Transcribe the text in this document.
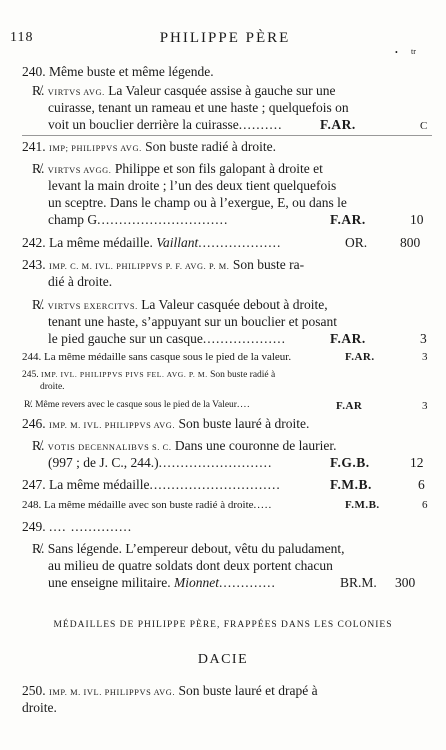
118	PHILIPPE PÈRE
• tr
240. Même buste et même légende.
R̸. VIRTVS AVG. La Valeur casquée assise à gauche sur une
cuirasse, tenant un rameau et une haste ; quelquefois on
voit un bouclier derrière la cuirasse..........	F.AR.	C
241. IMP; PHILIPPVS AVG. Son buste radié à droite.
R̸. VIRTVS AVGG. Philippe et son fils galopant à droite et
levant la main droite ; l’un des deux tient quelquefois
un sceptre. Dans le champ ou à l’exergue, E, ou dans le
champ G..............................	F.AR.	10
242. La même médaille. Vaillant...................	OR. 800
243. IMP. C. M. IVL. PHILIPPVS P. F. AVG. P. M. Son buste ra-
dié à droite.
R̸. VIRTVS EXERCITVS. La Valeur casquée debout à droite,
tenant une haste, s’appuyant sur un bouclier et posant
le pied gauche sur un casque...................	F.AR.	3
244. La même médaille sans casque sous le pied de la valeur.	F.AR.	3
245. IMP. IVL. PHILIPPVS PIVS FEL. AVG. P. M. Son buste radié à
droite.
R̸. Même revers avec le casque sous le pied de la Valeur....	F.AR	3
246. IMP. M. IVL. PHILIPPVS AVG. Son buste lauré à droite.
R̸. VOTIS DECENNALIBVS S. C. Dans une couronne de laurier.
(997 ; de J. C., 244.)..........................	F.G.B.	12
247. La même médaille..............................	F.M.B.	6
248. La même médaille avec son buste radié à droite.....	F.M.B.	6
249. .... ..............
R̸. Sans légende. L’empereur debout, vêtu du paludament,
au milieu de quatre soldats dont deux portent chacun
une enseigne militaire. Mionnet.............	BR.M. 300
MÉDAILLES DE PHILIPPE PÈRE, FRAPPÉES DANS LES COLONIES
DACIE
250. IMP. M. IVL. PHILIPPVS AVG. Son buste lauré et drapé à
droite.
